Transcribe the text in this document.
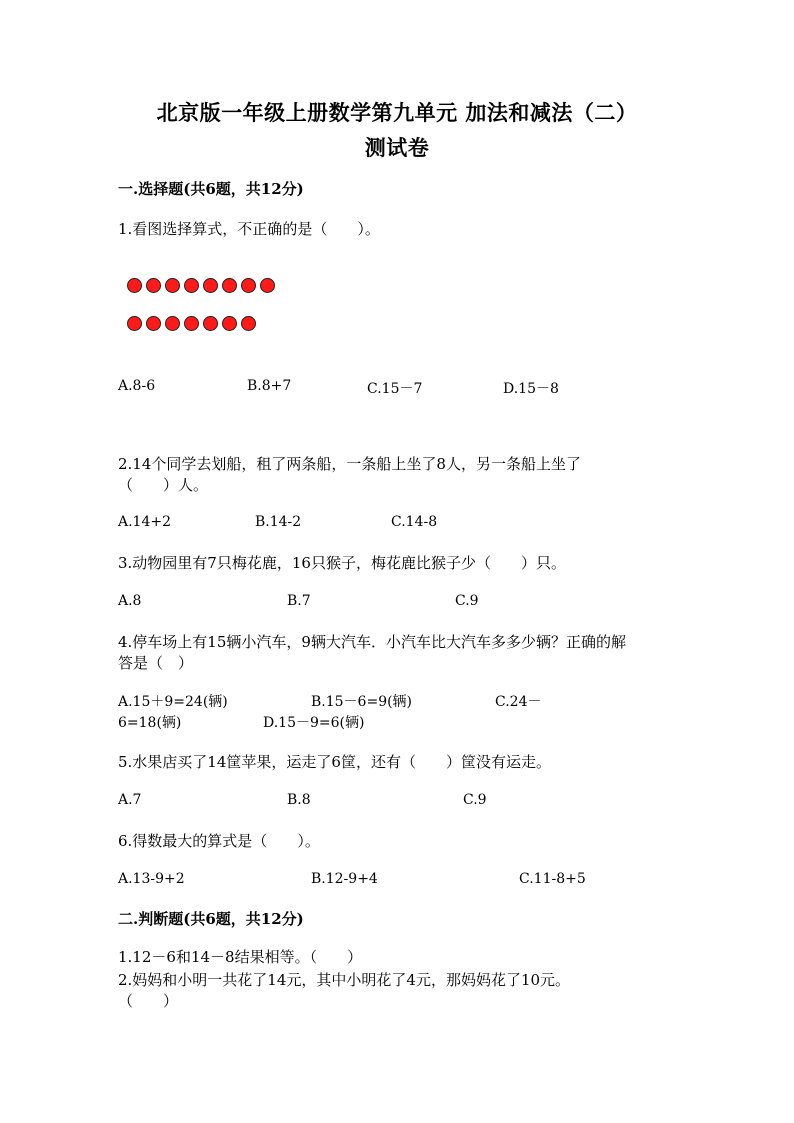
北京版一年级上册数学第九单元 加法和减法（二）
测试卷
一.选择题(共6题，共12分)
1.看图选择算式，不正确的是（　　）。
A.8-6	B.8+7	C.15－7	D.15－8
2.14个同学去划船，租了两条船，一条船上坐了8人，另一条船上坐了
（　　）人。
A.14+2	B.14-2	C.14-8
3.动物园里有7只梅花鹿，16只猴子，梅花鹿比猴子少（　　）只。
A.8	B.7	C.9
4.停车场上有15辆小汽车，9辆大汽车．小汽车比大汽车多多少辆？正确的解
答是（　）
A.15＋9=24(辆)	B.15－6=9(辆)	C.24－
6=18(辆)	D.15－9=6(辆)
5.水果店买了14筐苹果，运走了6筐，还有（　　）筐没有运走。
A.7	B.8	C.9
6.得数最大的算式是（　　）。
A.13-9+2	B.12-9+4	C.11-8+5
二.判断题(共6题，共12分)
1.12－6和14－8结果相等。（　　）
2.妈妈和小明一共花了14元，其中小明花了4元，那妈妈花了10元。
（　　）
